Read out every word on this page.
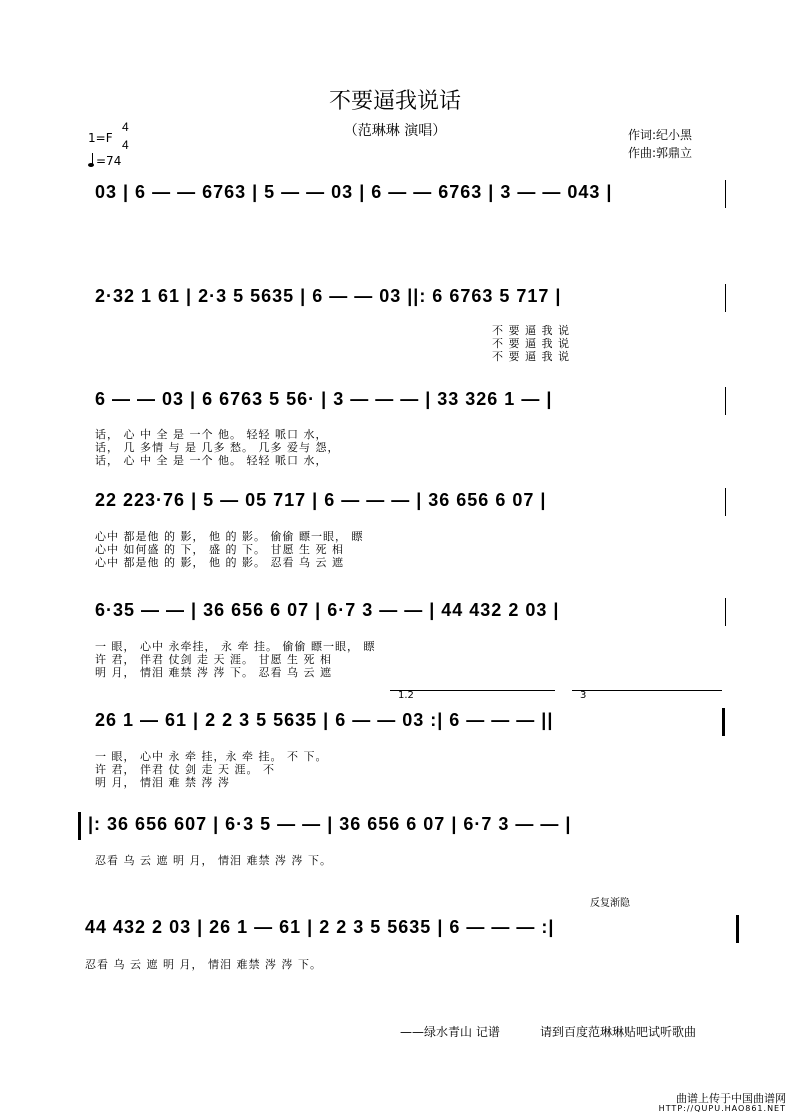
不要逼我说话
（范琳琳 演唱）	作词:纪小黑
作曲:郭鼎立
1=F
4
4
=74
03 | 6 — — 6763 | 5 — — 03 | 6 — — 6763 | 3 — — 043 |
2·32 1 61 | 2·3 5 5635 | 6 — — 03 ||: 6 6763 5 717 |
不 要 逼 我 说
不 要 逼 我 说
不 要 逼 我 说
6 — — 03 | 6 6763 5 56· | 3 — — — | 33 326 1 — |
话， 心 中 全 是 一个 他。 轻轻 哌口 水，
话， 几 多情 与 是 几多 愁。 几多 爱与 怨，
话， 心 中 全 是 一个 他。 轻轻 哌口 水，
22 223·76 | 5 — 05 717 | 6 — — — | 36 656 6 07 |
心中 都是他 的 影， 他 的 影。 偷偷 瞟一眼， 瞟
心中 如何盛 的 下， 盛 的 下。 甘愿 生 死 相
心中 都是他 的 影， 他 的 影。 忍看 乌 云 遮
6·35 — — | 36 656 6 07 | 6·7 3 — — | 44 432 2 03 |
一 眼， 心中 永牵挂， 永 牵 挂。 偷偷 瞟一眼， 瞟
许 君， 伴君 仗剑 走 天 涯。 甘愿 生 死 相
明 月， 情泪 难禁 涔 涔 下。 忍看 乌 云 遮
1.2	3
26 1 — 61 | 2 2 3 5 5635 | 6 — — 03 :| 6 — — — ||
一 眼， 心中 永 牵 挂，永 牵 挂。 不 下。
许 君， 伴君 仗 剑 走 天 涯。 不
明 月， 情泪 难 禁 涔 涔
|: 36 656 607 | 6·3 5 — — | 36 656 6 07 | 6·7 3 — — |
忍看 乌 云 遮 明 月， 情泪 难禁 涔 涔 下。
反复渐隐
44 432 2 03 | 26 1 — 61 | 2 2 3 5 5635 | 6 — — — :|
忍看 乌 云 遮 明 月， 情泪 难禁 涔 涔 下。
——绿水青山 记谱	请到百度范琳琳贴吧试听歌曲
曲谱上传于中国曲谱网
HTTP://QUPU.HAO861.NET
